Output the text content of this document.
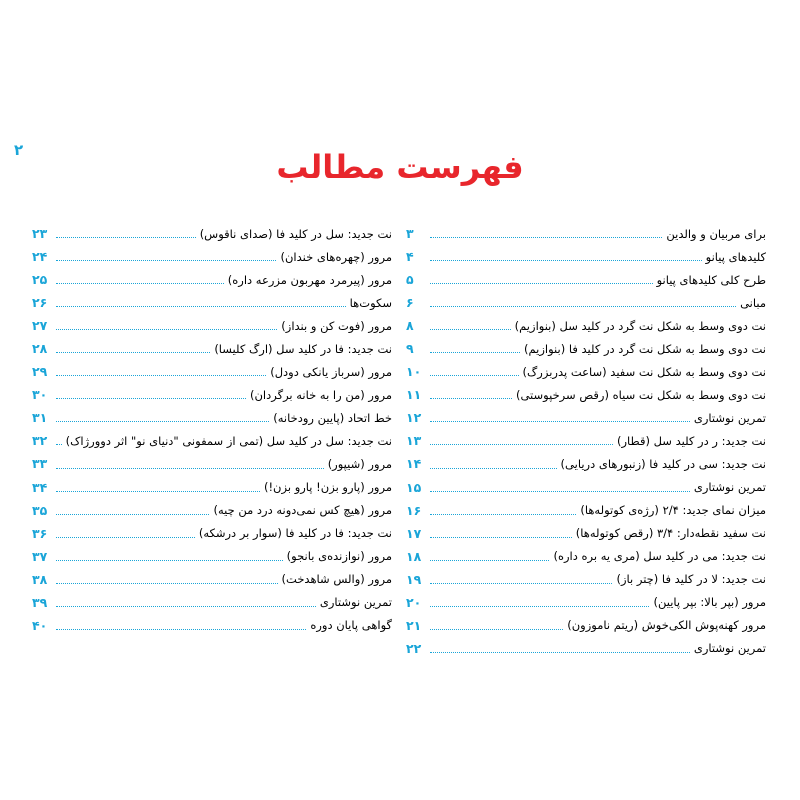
۲	فهرست مطالب
برای مربیان و والدین
۳
کلیدهای پیانو
۴
طرح کلی کلیدهای پیانو
۵
مبانی
۶
نت دوی وسط به شکل نت گرد در کلید سل (بنوازیم)
۸
نت دوی وسط به شکل نت گرد در کلید فا (بنوازیم)
۹
نت دوی وسط به شکل نت سفید (ساعت پدربزرگ)
۱۰
نت دوی وسط به شکل نت سیاه (رقص سرخپوستی)
۱۱
تمرین نوشتاری
۱۲
نت جدید: ر در کلید سل (قطار)
۱۳
نت جدید: سی در کلید فا (زنبورهای دریایی)
۱۴
تمرین نوشتاری
۱۵
میزان نمای جدید: ۲/۴ (رژه‌ی کوتوله‌ها)
۱۶
نت سفید نقطه‌دار: ۳/۴ (رقص کوتوله‌ها)
۱۷
نت جدید: می در کلید سل (مری یه بره داره)
۱۸
نت جدید: لا در کلید فا (چتر باز)
۱۹
مرور (بپر بالا: بپر پایین)
۲۰
مرور کهنه‌پوش الکی‌خوش (ریتم ناموزون)
۲۱
تمرین نوشتاری
۲۲
نت جدید: سل در کلید فا (صدای ناقوس)
۲۳
مرور (چهره‌های خندان)
۲۴
مرور (پیرمرد مهربون مزرعه داره)
۲۵
سکوت‌ها
۲۶
مرور (فوت کن و بنداز)
۲۷
نت جدید: فا در کلید سل (ارگ کلیسا)
۲۸
مرور (سرباز یانکی دودل)
۲۹
مرور (من را به خانه برگردان)
۳۰
خط اتحاد (پایین رودخانه)
۳۱
نت جدید: سل در کلید سل (تمی از سمفونی "دنیای نو" اثر دوورژاک)
۳۲
مرور (شیپور)
۳۳
مرور (پارو بزن! پارو بزن!)
۳۴
مرور (هیچ کس نمی‌دونه درد من چیه)
۳۵
نت جدید: فا در کلید فا (سوار بر درشکه)
۳۶
مرور (نوازنده‌ی بانجو)
۳۷
مرور (والس شاهدخت)
۳۸
تمرین نوشتاری
۳۹
گواهی پایان دوره
۴۰
